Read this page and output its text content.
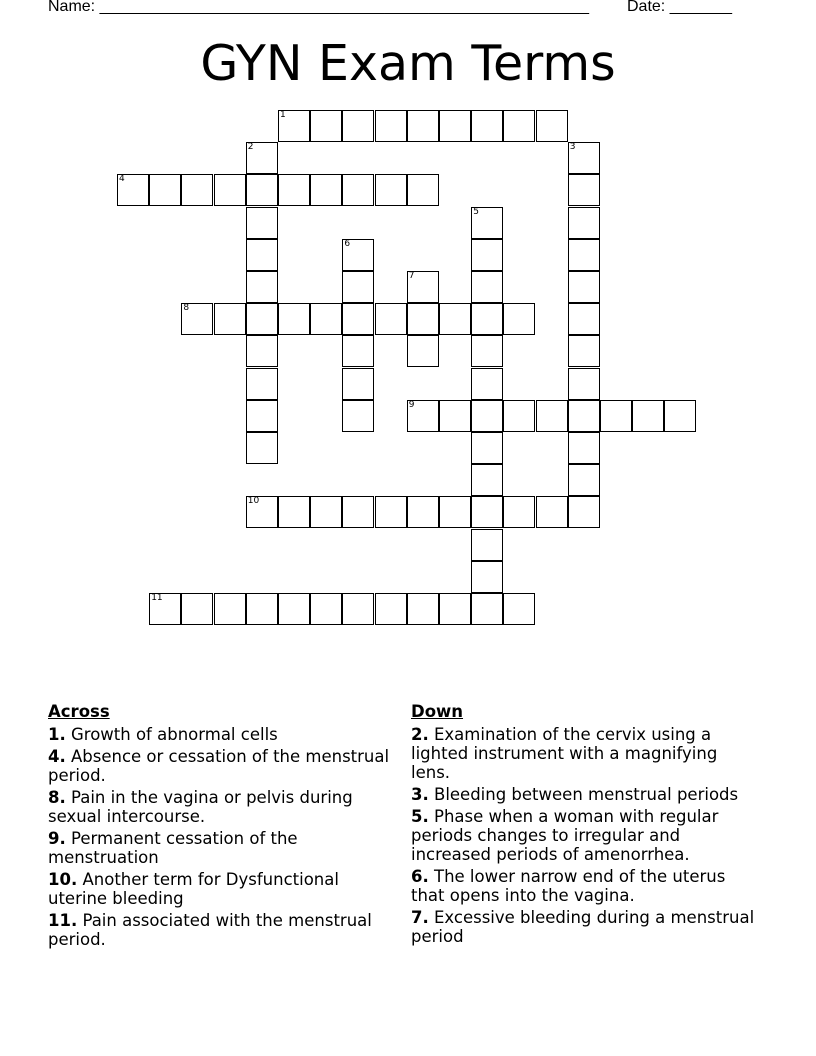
Name: _______________________________________________________ Date: _______
GYN Exam Terms
1
2	3
4
5
6
7
8
9
10
11
Across
1. Growth of abnormal cells
4. Absence or cessation of the menstrual period.
8. Pain in the vagina or pelvis during sexual intercourse.
9. Permanent cessation of the menstruation
10. Another term for Dysfunctional uterine bleeding
11. Pain associated with the menstrual period.
Down
2. Examination of the cervix using a lighted instrument with a magnifying lens.
3. Bleeding between menstrual periods
5. Phase when a woman with regular periods changes to irregular and increased periods of amenorrhea.
6. The lower narrow end of the uterus that opens into the vagina.
7. Excessive bleeding during a menstrual period
